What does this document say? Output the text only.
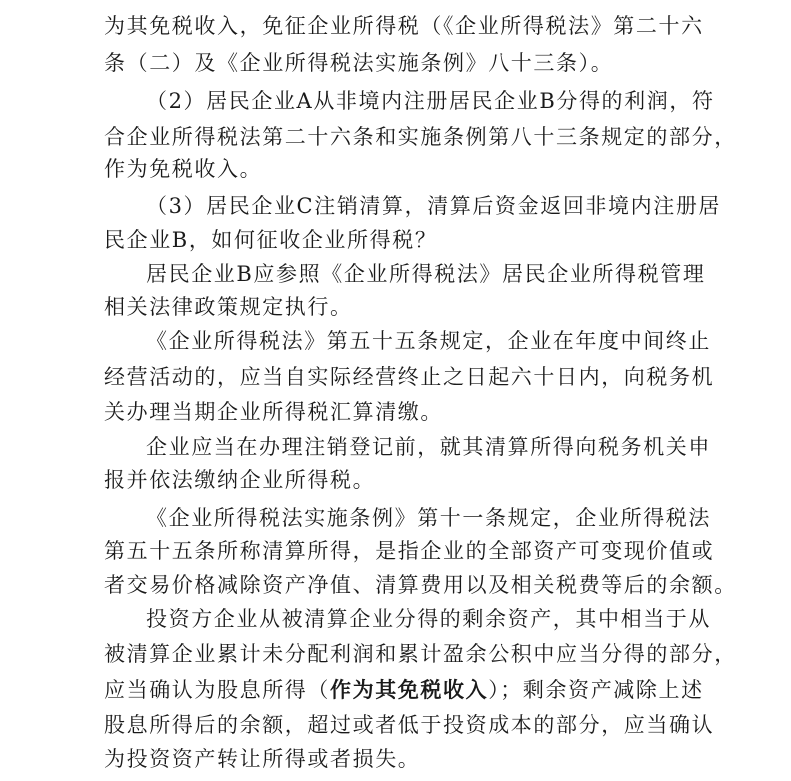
为其免税收入，免征企业所得税（《企业所得税法》第二十六
条（二）及《企业所得税法实施条例》八十三条）。
（2）居民企业A从非境内注册居民企业B分得的利润，符
合企业所得税法第二十六条和实施条例第八十三条规定的部分，
作为免税收入。
（3）居民企业C注销清算，清算后资金返回非境内注册居
民企业B，如何征收企业所得税？
居民企业B应参照《企业所得税法》居民企业所得税管理
相关法律政策规定执行。
《企业所得税法》第五十五条规定，企业在年度中间终止
经营活动的，应当自实际经营终止之日起六十日内，向税务机
关办理当期企业所得税汇算清缴。
企业应当在办理注销登记前，就其清算所得向税务机关申
报并依法缴纳企业所得税。
《企业所得税法实施条例》第十一条规定，企业所得税法
第五十五条所称清算所得，是指企业的全部资产可变现价值或
者交易价格减除资产净值、清算费用以及相关税费等后的余额。
投资方企业从被清算企业分得的剩余资产，其中相当于从
被清算企业累计未分配利润和累计盈余公积中应当分得的部分，
应当确认为股息所得（作为其免税收入）；剩余资产减除上述
股息所得后的余额，超过或者低于投资成本的部分，应当确认
为投资资产转让所得或者损失。
